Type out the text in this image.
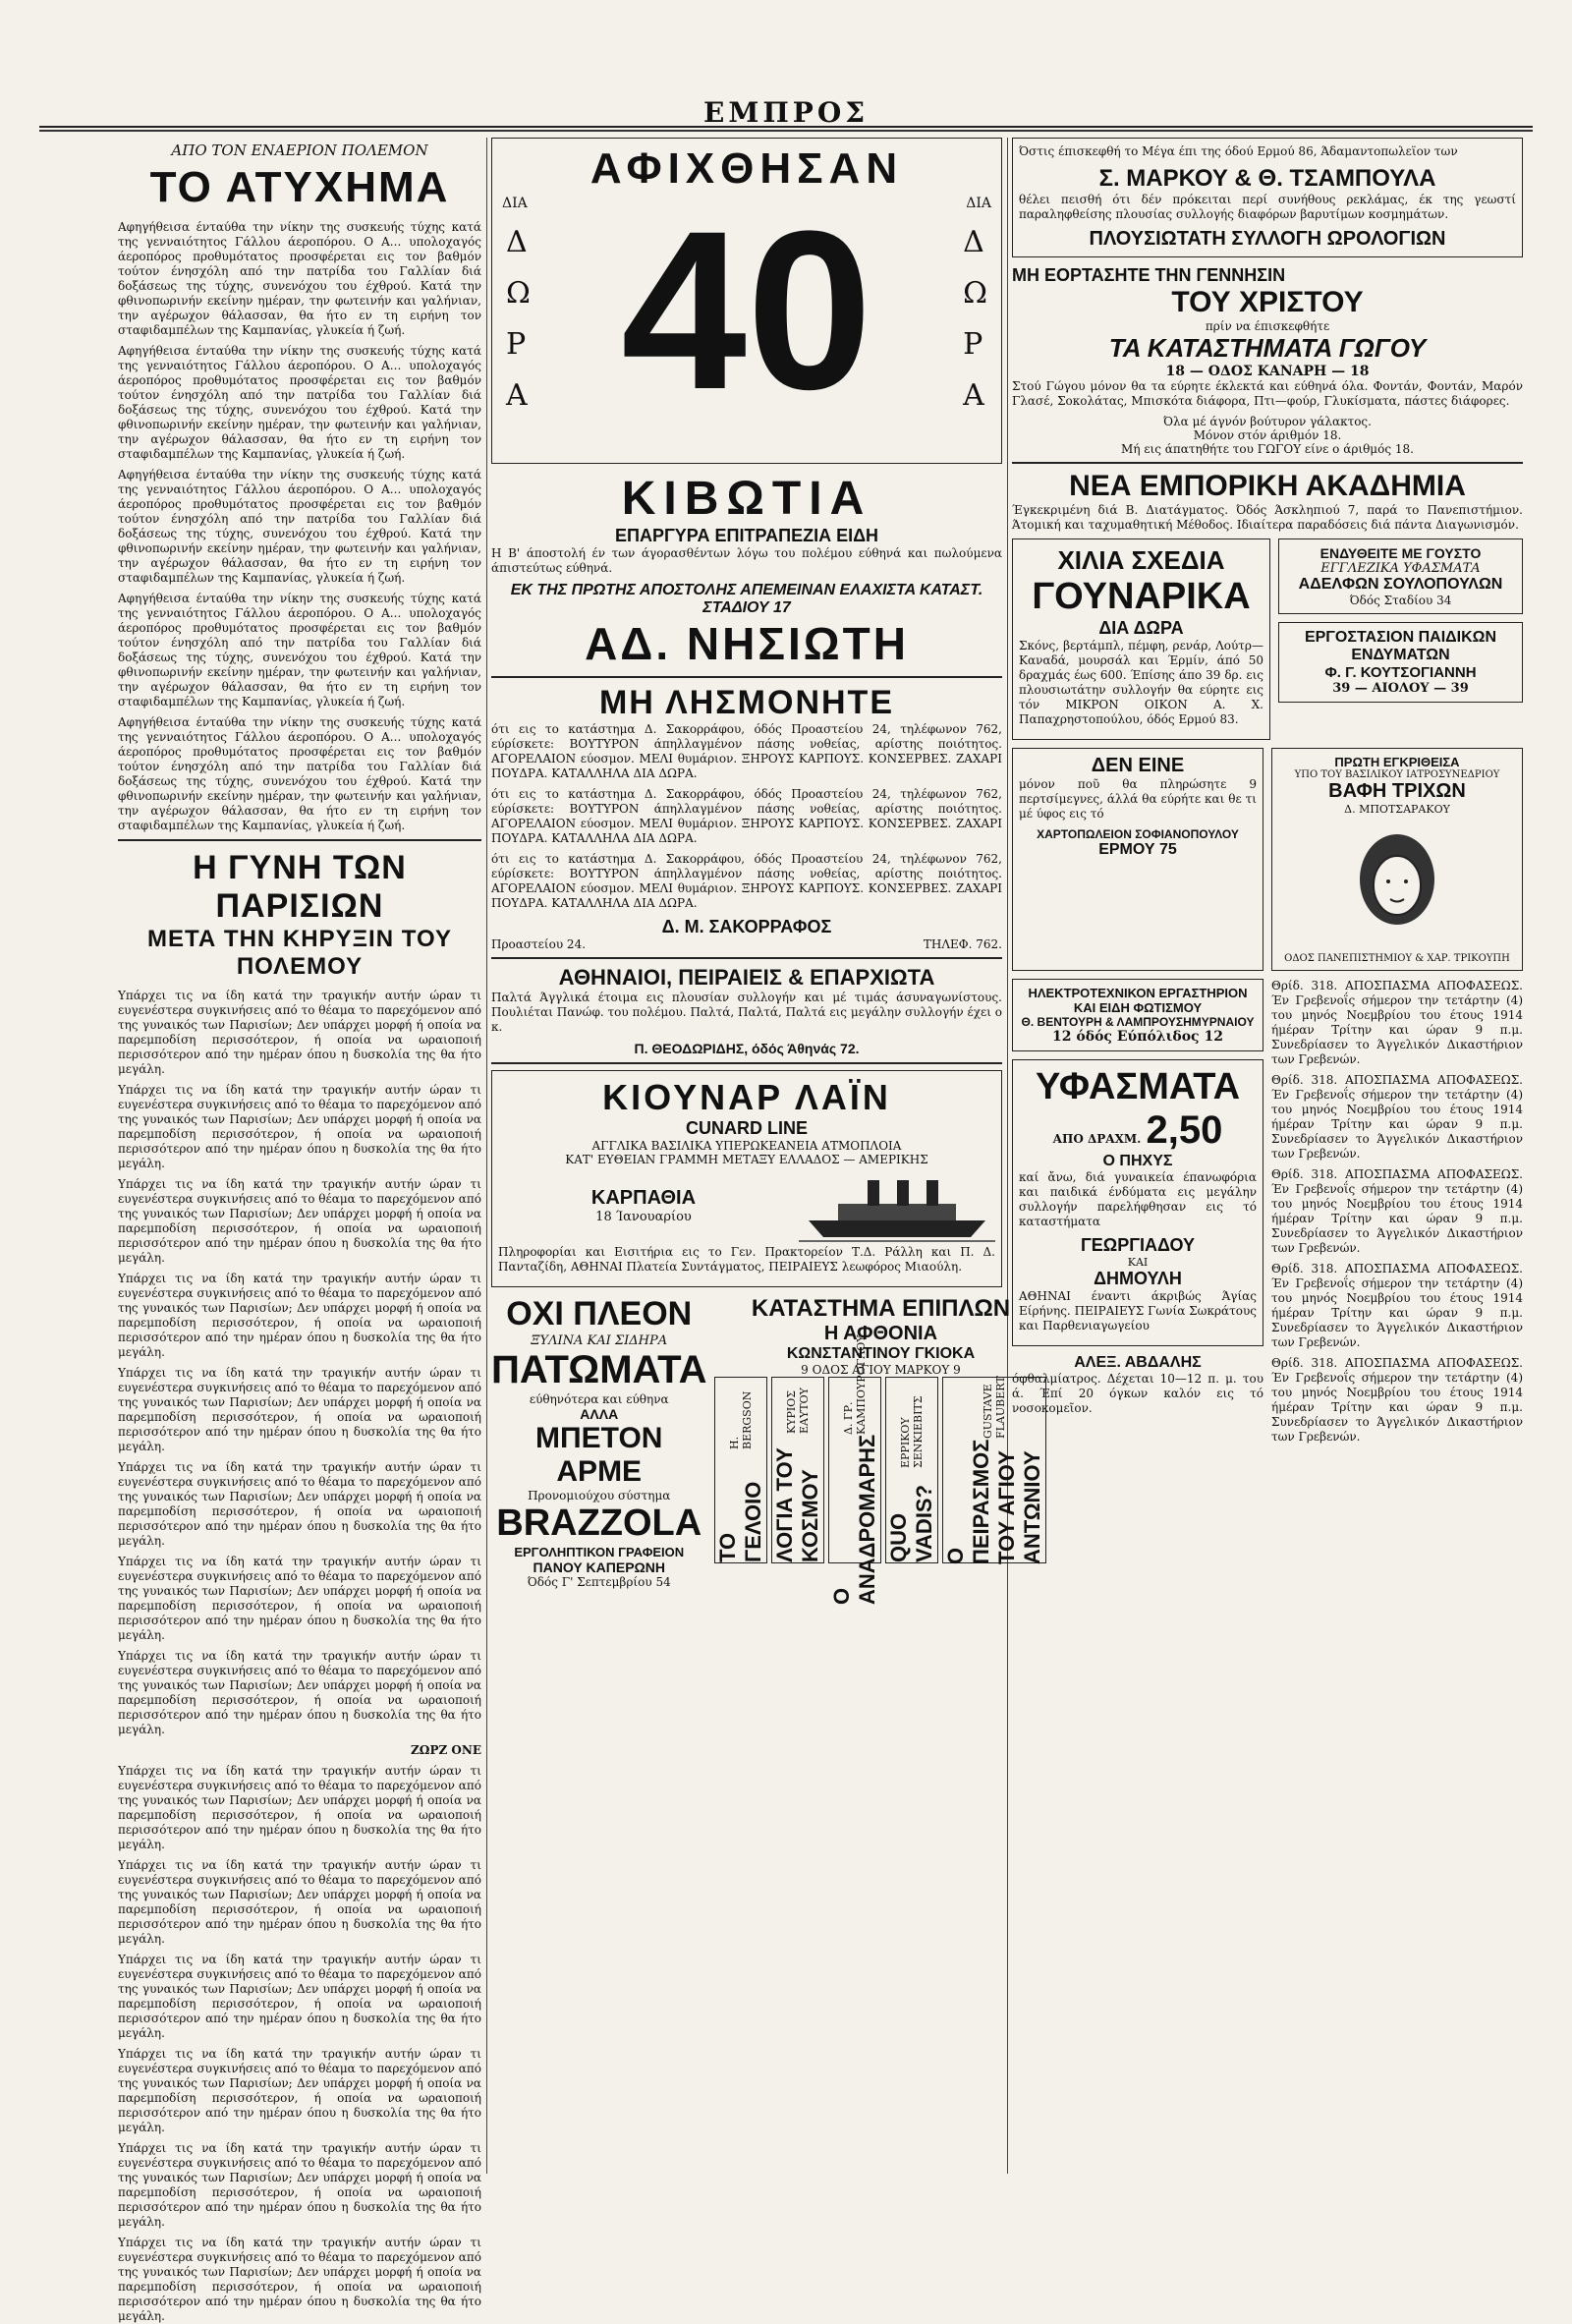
ΕΜΠΡΟΣ
ΑΠΟ ΤΟΝ ΕΝΑΕΡΙΟΝ ΠΟΛΕΜΟΝ
ΤΟ ΑΤΥΧΗΜΑ

Αφηγήθεισα ένταύθα την νίκην της συσκευής τύχης κατά της γενναιότητος Γάλλου άεροπόρου. Ο Α... υπολοχαγός άεροπόρος προθυμότατος προσφέρεται εις τον βαθμόν τούτον ένησχόλη από την πατρίδα του Γαλλίαν διά δοξάσεως της τύχης, συνενόχου του έχθρού. Κατά την φθινοπωρινήν εκείνην ημέραν, την φωτεινήν και γαλήνιαν, την αγέρωχον θάλασσαν, θα ήτο εν τη ειρήνη τον σταφιδαμπέλων της Καμπανίας, γλυκεία ή ζωή.

Αφηγήθεισα ένταύθα την νίκην της συσκευής τύχης κατά της γενναιότητος Γάλλου άεροπόρου. Ο Α... υπολοχαγός άεροπόρος προθυμότατος προσφέρεται εις τον βαθμόν τούτον ένησχόλη από την πατρίδα του Γαλλίαν διά δοξάσεως της τύχης, συνενόχου του έχθρού. Κατά την φθινοπωρινήν εκείνην ημέραν, την φωτεινήν και γαλήνιαν, την αγέρωχον θάλασσαν, θα ήτο εν τη ειρήνη τον σταφιδαμπέλων της Καμπανίας, γλυκεία ή ζωή.

Αφηγήθεισα ένταύθα την νίκην της συσκευής τύχης κατά της γενναιότητος Γάλλου άεροπόρου. Ο Α... υπολοχαγός άεροπόρος προθυμότατος προσφέρεται εις τον βαθμόν τούτον ένησχόλη από την πατρίδα του Γαλλίαν διά δοξάσεως της τύχης, συνενόχου του έχθρού. Κατά την φθινοπωρινήν εκείνην ημέραν, την φωτεινήν και γαλήνιαν, την αγέρωχον θάλασσαν, θα ήτο εν τη ειρήνη τον σταφιδαμπέλων της Καμπανίας, γλυκεία ή ζωή.

Αφηγήθεισα ένταύθα την νίκην της συσκευής τύχης κατά της γενναιότητος Γάλλου άεροπόρου. Ο Α... υπολοχαγός άεροπόρος προθυμότατος προσφέρεται εις τον βαθμόν τούτον ένησχόλη από την πατρίδα του Γαλλίαν διά δοξάσεως της τύχης, συνενόχου του έχθρού. Κατά την φθινοπωρινήν εκείνην ημέραν, την φωτεινήν και γαλήνιαν, την αγέρωχον θάλασσαν, θα ήτο εν τη ειρήνη τον σταφιδαμπέλων της Καμπανίας, γλυκεία ή ζωή.

Αφηγήθεισα ένταύθα την νίκην της συσκευής τύχης κατά της γενναιότητος Γάλλου άεροπόρου. Ο Α... υπολοχαγός άεροπόρος προθυμότατος προσφέρεται εις τον βαθμόν τούτον ένησχόλη από την πατρίδα του Γαλλίαν διά δοξάσεως της τύχης, συνενόχου του έχθρού. Κατά την φθινοπωρινήν εκείνην ημέραν, την φωτεινήν και γαλήνιαν, την αγέρωχον θάλασσαν, θα ήτο εν τη ειρήνη τον σταφιδαμπέλων της Καμπανίας, γλυκεία ή ζωή.

Η ΓΥΝΗ ΤΩΝ ΠΑΡΙΣΙΩΝ
ΜΕΤΑ ΤΗΝ ΚΗΡΥΞΙΝ ΤΟΥ ΠΟΛΕΜΟΥ

Υπάρχει τις να ίδη κατά την τραγικήν αυτήν ώραν τι ευγενέστερα συγκινήσεις από το θέαμα το παρεχόμενον από της γυναικός των Παρισίων; Δεν υπάρχει μορφή ή οποία να παρεμποδίση περισσότερον, ή οποία να ωραιοποιή περισσότερον από την ημέραν όπου η δυσκολία της θα ήτο μεγάλη.

Υπάρχει τις να ίδη κατά την τραγικήν αυτήν ώραν τι ευγενέστερα συγκινήσεις από το θέαμα το παρεχόμενον από της γυναικός των Παρισίων; Δεν υπάρχει μορφή ή οποία να παρεμποδίση περισσότερον, ή οποία να ωραιοποιή περισσότερον από την ημέραν όπου η δυσκολία της θα ήτο μεγάλη.

Υπάρχει τις να ίδη κατά την τραγικήν αυτήν ώραν τι ευγενέστερα συγκινήσεις από το θέαμα το παρεχόμενον από της γυναικός των Παρισίων; Δεν υπάρχει μορφή ή οποία να παρεμποδίση περισσότερον, ή οποία να ωραιοποιή περισσότερον από την ημέραν όπου η δυσκολία της θα ήτο μεγάλη.

Υπάρχει τις να ίδη κατά την τραγικήν αυτήν ώραν τι ευγενέστερα συγκινήσεις από το θέαμα το παρεχόμενον από της γυναικός των Παρισίων; Δεν υπάρχει μορφή ή οποία να παρεμποδίση περισσότερον, ή οποία να ωραιοποιή περισσότερον από την ημέραν όπου η δυσκολία της θα ήτο μεγάλη.

Υπάρχει τις να ίδη κατά την τραγικήν αυτήν ώραν τι ευγενέστερα συγκινήσεις από το θέαμα το παρεχόμενον από της γυναικός των Παρισίων; Δεν υπάρχει μορφή ή οποία να παρεμποδίση περισσότερον, ή οποία να ωραιοποιή περισσότερον από την ημέραν όπου η δυσκολία της θα ήτο μεγάλη.

Υπάρχει τις να ίδη κατά την τραγικήν αυτήν ώραν τι ευγενέστερα συγκινήσεις από το θέαμα το παρεχόμενον από της γυναικός των Παρισίων; Δεν υπάρχει μορφή ή οποία να παρεμποδίση περισσότερον, ή οποία να ωραιοποιή περισσότερον από την ημέραν όπου η δυσκολία της θα ήτο μεγάλη.

Υπάρχει τις να ίδη κατά την τραγικήν αυτήν ώραν τι ευγενέστερα συγκινήσεις από το θέαμα το παρεχόμενον από της γυναικός των Παρισίων; Δεν υπάρχει μορφή ή οποία να παρεμποδίση περισσότερον, ή οποία να ωραιοποιή περισσότερον από την ημέραν όπου η δυσκολία της θα ήτο μεγάλη.

Υπάρχει τις να ίδη κατά την τραγικήν αυτήν ώραν τι ευγενέστερα συγκινήσεις από το θέαμα το παρεχόμενον από της γυναικός των Παρισίων; Δεν υπάρχει μορφή ή οποία να παρεμποδίση περισσότερον, ή οποία να ωραιοποιή περισσότερον από την ημέραν όπου η δυσκολία της θα ήτο μεγάλη.

ΖΩΡΖ ΟΝΕ

Υπάρχει τις να ίδη κατά την τραγικήν αυτήν ώραν τι ευγενέστερα συγκινήσεις από το θέαμα το παρεχόμενον από της γυναικός των Παρισίων; Δεν υπάρχει μορφή ή οποία να παρεμποδίση περισσότερον, ή οποία να ωραιοποιή περισσότερον από την ημέραν όπου η δυσκολία της θα ήτο μεγάλη.

Υπάρχει τις να ίδη κατά την τραγικήν αυτήν ώραν τι ευγενέστερα συγκινήσεις από το θέαμα το παρεχόμενον από της γυναικός των Παρισίων; Δεν υπάρχει μορφή ή οποία να παρεμποδίση περισσότερον, ή οποία να ωραιοποιή περισσότερον από την ημέραν όπου η δυσκολία της θα ήτο μεγάλη.

Υπάρχει τις να ίδη κατά την τραγικήν αυτήν ώραν τι ευγενέστερα συγκινήσεις από το θέαμα το παρεχόμενον από της γυναικός των Παρισίων; Δεν υπάρχει μορφή ή οποία να παρεμποδίση περισσότερον, ή οποία να ωραιοποιή περισσότερον από την ημέραν όπου η δυσκολία της θα ήτο μεγάλη.

Υπάρχει τις να ίδη κατά την τραγικήν αυτήν ώραν τι ευγενέστερα συγκινήσεις από το θέαμα το παρεχόμενον από της γυναικός των Παρισίων; Δεν υπάρχει μορφή ή οποία να παρεμποδίση περισσότερον, ή οποία να ωραιοποιή περισσότερον από την ημέραν όπου η δυσκολία της θα ήτο μεγάλη.

Υπάρχει τις να ίδη κατά την τραγικήν αυτήν ώραν τι ευγενέστερα συγκινήσεις από το θέαμα το παρεχόμενον από της γυναικός των Παρισίων; Δεν υπάρχει μορφή ή οποία να παρεμποδίση περισσότερον, ή οποία να ωραιοποιή περισσότερον από την ημέραν όπου η δυσκολία της θα ήτο μεγάλη.

Υπάρχει τις να ίδη κατά την τραγικήν αυτήν ώραν τι ευγενέστερα συγκινήσεις από το θέαμα το παρεχόμενον από της γυναικός των Παρισίων; Δεν υπάρχει μορφή ή οποία να παρεμποδίση περισσότερον, ή οποία να ωραιοποιή περισσότερον από την ημέραν όπου η δυσκολία της θα ήτο μεγάλη.

ΑΦΙΧΘΗΣΑΝ
ΔΙΑ	ΔΙΑ
Δ
Ω
Ρ
Α
Δ
Ω
Ρ
Α
40
ΚΙΒΩΤΙΑ
ΕΠΑΡΓΥΡΑ ΕΠΙΤΡΑΠΕΖΙΑ ΕΙΔΗ

Η Β' άποστολή έν των άγορασθέντων λόγω του πολέμου εύθηνά και πωλούμενα άπιστεύτως εύθηνά.

ΕΚ ΤΗΣ ΠΡΩΤΗΣ ΑΠΟΣΤΟΛΗΣ ΑΠΕΜΕΙΝΑΝ ΕΛΑΧΙΣΤΑ ΚΑΤΑΣΤ. ΣΤΑΔΙΟΥ 17
ΑΔ. ΝΗΣΙΩΤΗ
ΜΗ ΛΗΣΜΟΝΗΤΕ

ότι εις το κατάστημα Δ. Σακορράφου, όδός Προαστείου 24, τηλέφωνον 762, εύρίσκετε: ΒΟΥΤΥΡΟΝ άπηλλαγμένον πάσης νοθείας, αρίστης ποιότητος. ΑΓΟΡΕΛΑΙΟΝ εύοσμον. ΜΕΛΙ θυμάριον. ΞΗΡΟΥΣ ΚΑΡΠΟΥΣ. ΚΟΝΣΕΡΒΕΣ. ΖΑΧΑΡΙ ΠΟΥΔΡΑ. ΚΑΤΑΛΛΗΛΑ ΔΙΑ ΔΩΡΑ.

ότι εις το κατάστημα Δ. Σακορράφου, όδός Προαστείου 24, τηλέφωνον 762, εύρίσκετε: ΒΟΥΤΥΡΟΝ άπηλλαγμένον πάσης νοθείας, αρίστης ποιότητος. ΑΓΟΡΕΛΑΙΟΝ εύοσμον. ΜΕΛΙ θυμάριον. ΞΗΡΟΥΣ ΚΑΡΠΟΥΣ. ΚΟΝΣΕΡΒΕΣ. ΖΑΧΑΡΙ ΠΟΥΔΡΑ. ΚΑΤΑΛΛΗΛΑ ΔΙΑ ΔΩΡΑ.

ότι εις το κατάστημα Δ. Σακορράφου, όδός Προαστείου 24, τηλέφωνον 762, εύρίσκετε: ΒΟΥΤΥΡΟΝ άπηλλαγμένον πάσης νοθείας, αρίστης ποιότητος. ΑΓΟΡΕΛΑΙΟΝ εύοσμον. ΜΕΛΙ θυμάριον. ΞΗΡΟΥΣ ΚΑΡΠΟΥΣ. ΚΟΝΣΕΡΒΕΣ. ΖΑΧΑΡΙ ΠΟΥΔΡΑ. ΚΑΤΑΛΛΗΛΑ ΔΙΑ ΔΩΡΑ.

Δ. Μ. ΣΑΚΟΡΡΑΦΟΣ
Προαστείου 24.	ΤΗΛΕΦ. 762.
ΑΘΗΝΑΙΟΙ, ΠΕΙΡΑΙΕΙΣ & ΕΠΑΡΧΙΩΤΑ

Παλτά Άγγλικά έτοιμα εις πλουσίαν συλλογήν και μέ τιμάς άσυναγωνίστους. Πουλιέται Πανώφ. του πολέμου. Παλτά, Παλτά, Παλτά εις μεγάλην συλλογήν έχει ο κ.

Π. ΘΕΟΔΩΡΙΔΗΣ, όδός Άθηνάς 72.
ΚΙΟΥΝΑΡ ΛΑΪΝ
CUNARD LINE
ΑΓΓΛΙΚΑ ΒΑΣΙΛΙΚΑ ΥΠΕΡΩΚΕΑΝΕΙΑ ΑΤΜΟΠΛΟΙΑ
ΚΑΤ' ΕΥΘΕΙΑΝ ΓΡΑΜΜΗ ΜΕΤΑΞΥ ΕΛΛΑΔΟΣ — ΑΜΕΡΙΚΗΣ
ΚΑΡΠΑΘΙΑ
18 Ίανουαρίου

Πληροφορίαι και Εισιτήρια εις το Γεν. Πρακτορείον Τ.Δ. Ράλλη και Π. Δ. Πανταζίδη, ΑΘΗΝΑΙ Πλατεία Συντάγματος, ΠΕΙΡΑΙΕΥΣ λεωφόρος Μιαούλη.

ΟΧΙ ΠΛΕΟΝ
ΞΥΛΙΝΑ ΚΑΙ ΣΙΔΗΡΑ
ΠΑΤΩΜΑΤΑ
εύθηνότερα και εύθηνα
ΑΛΛΑ
ΜΠΕΤΟΝ ΑΡΜΕ
Προνομιούχου σύστημα
BRAZZOLA
ΕΡΓΟΛΗΠΤΙΚΟΝ ΓΡΑΦΕΙΟΝ
ΠΑΝΟΥ ΚΑΠΕΡΩΝΗ
Όδός Γ' Σεπτεμβρίου 54
ΚΑΤΑΣΤΗΜΑ ΕΠΙΠΛΩΝ
Η ΑΦΘΟΝΙΑ
ΚΩΝΣΤΑΝΤΙΝΟΥ ΓΚΙΟΚΑ
9 ΟΔΟΣ ΑΓΙΟΥ ΜΑΡΚΟΥ 9
ΤΟ ΓΕΛΟΙΟ
Η. BERGSON
ΛΟΓΙΑ ΤΟΥ ΚΟΣΜΟΥ
ΚΥΡΙΟΣ ΕΑΥΤΟΥ
Ο ΑΝΑΔΡΟΜΑΡΗΣ
Δ. ΓΡ. ΚΑΜΠΟΥΡΟΓΛΟΥ
QUO VADIS?
ΕΡΡΙΚΟΥ ΣΕΝΚΙΕΒΙΤΣ
Ο ΠΕΙΡΑΣΜΟΣ ΤΟΥ ΑΓΙΟΥ ΑΝΤΩΝΙΟΥ
GUSTAVE FLAUBERT

Όστις έπισκεφθή το Μέγα έπι της όδού Ερμού 86, Άδαμαντοπωλεϊον των

Σ. ΜΑΡΚΟΥ & Θ. ΤΣΑΜΠΟΥΛΑ

θέλει πεισθή ότι δέν πρόκειται περί συνήθους ρεκλάμας, έκ της γεωστί παραληφθείσης πλουσίας συλλογής διαφόρων βαρυτίμων κοσμημάτων.

ΠΛΟΥΣΙΩΤΑΤΗ ΣΥΛΛΟΓΗ ΩΡΟΛΟΓΙΩΝ
ΜΗ ΕΟΡΤΑΣΗΤΕ ΤΗΝ ΓΕΝΝΗΣΙΝ
ΤΟΥ ΧΡΙΣΤΟΥ
πρίν να έπισκεφθήτε
ΤΑ ΚΑΤΑΣΤΗΜΑΤΑ ΓΩΓΟΥ
18 — ΟΔΟΣ ΚΑΝΑΡΗ — 18

Στού Γώγου μόνον θα τα εύρητε έκλεκτά και εύθηνά όλα. Φοντάν, Φοντάν, Μαρόν Γλασέ, Σοκολάτας, Μπισκότα διάφορα, Πτι—φούρ, Γλυκίσματα, πάστες διάφορες.

Όλα μέ άγνόν βούτυρον γάλακτος.
Μόνον στόν άριθμόν 18.
Μή εις άπατηθήτε του ΓΩΓΟΥ είνε ο άριθμός 18.
ΝΕΑ ΕΜΠΟΡΙΚΗ ΑΚΑΔΗΜΙΑ

Έγκεκριμένη διά Β. Διατάγματος. Όδός Άσκληπιού 7, παρά το Πανεπιστήμιον. Άτομική και ταχυμαθητική Μέθοδος. Ιδιαίτερα παραδόσεις διά πάντα Διαγωνισμόν.

ΧΙΛΙΑ ΣΧΕΔΙΑ
ΓΟΥΝΑΡΙΚΑ
ΔΙΑ ΔΩΡΑ

Σκόνς, βερτάμπλ, πέμφη, ρενάρ, Λούτρ—Καναδά, μουρσάλ και Έρμίν, άπό 50 δραχμάς έως 600. Έπίσης άπο 39 δρ. εις πλουσιωτάτην συλλογήν θα εύρητε εις τόν ΜΙΚΡΟΝ ΟΙΚΟΝ Α. Χ. Παπαχρηστοπούλου, όδός Ερμού 83.

ΕΝΔΥΘΕΙΤΕ ΜΕ ΓΟΥΣΤΟ
ΕΓΓΛΕΖΙΚΑ ΥΦΑΣΜΑΤΑ
ΑΔΕΛΦΩΝ ΣΟΥΛΟΠΟΥΛΩΝ
Όδός Σταδίου 34
ΕΡΓΟΣΤΑΣΙΟΝ ΠΑΙΔΙΚΩΝ ΕΝΔΥΜΑΤΩΝ
Φ. Γ. ΚΟΥΤΣΟΓΙΑΝΝΗ
39 — ΑΙΟΛΟΥ — 39
ΔΕΝ ΕΙΝΕ

μόνον ποῦ θα πληρώσητε 9 περτσίμεγνες, άλλά θα εύρήτε και θε τι μέ ύφος εις τό

ΧΑΡΤΟΠΩΛΕΙΟΝ ΣΟΦΙΑΝΟΠΟΥΛΟΥ
ΕΡΜΟΥ 75
ΠΡΩΤΗ ΕΓΚΡΙΘΕΙΣΑ
ΥΠΟ ΤΟΥ ΒΑΣΙΛΙΚΟΥ ΙΑΤΡΟΣΥΝΕΔΡΙΟΥ
ΒΑΦΗ ΤΡΙΧΩΝ
Δ. ΜΠΟΤΣΑΡΑΚΟΥ
ΟΔΟΣ ΠΑΝΕΠΙΣΤΗΜΙΟΥ & ΧΑΡ. ΤΡΙΚΟΥΠΗ
ΗΛΕΚΤΡΟΤΕΧΝΙΚΟΝ ΕΡΓΑΣΤΗΡΙΟΝ ΚΑΙ ΕΙΔΗ ΦΩΤΙΣΜΟΥ
Θ. ΒΕΝΤΟΥΡΗ & ΛΑΜΠΡΟΥΣΗΜΥΡΝΑΙΟΥ
12 όδός Εύπόλιδος 12
ΥΦΑΣΜΑΤΑ
ΑΠΟ ΔΡΑΧΜ. 2,50
Ο ΠΗΧΥΣ

καί ἄνω, διά γυναικεία έπανωφόρια και παιδικά ένδύματα εις μεγάλην συλλογήν παρελήφθησαν εις τό καταστήματα

ΓΕΩΡΓΙΑΔΟΥ
ΚΑΙ
ΔΗΜΟΥΛΗ

ΑΘΗΝΑΙ έναντι άκριβώς Άγίας Είρήνης. ΠΕΙΡΑΙΕΥΣ Γωνία Σωκράτους και Παρθενιαγωγείου

ΑΛΕΞ. ΑΒΔΑΛΗΣ

όφθαλμίατρος. Δέχεται 10—12 π. μ. του ά. Έπί 20 όγκων καλόν εις τό νοσοκομεῖον.

Θρίδ. 318. ΑΠΟΣΠΑΣΜΑ ΑΠΟΦΑΣΕΩΣ. Έν Γρεβενοΐς σήμερον την τετάρτην (4) του μηνός Νοεμβρίου του έτους 1914 ήμέραν Τρίτην και ώραν 9 π.μ. Συνεδρίασεν το Άγγελικόν Δικαστήριον των Γρεβενών.

Θρίδ. 318. ΑΠΟΣΠΑΣΜΑ ΑΠΟΦΑΣΕΩΣ. Έν Γρεβενοΐς σήμερον την τετάρτην (4) του μηνός Νοεμβρίου του έτους 1914 ήμέραν Τρίτην και ώραν 9 π.μ. Συνεδρίασεν το Άγγελικόν Δικαστήριον των Γρεβενών.

Θρίδ. 318. ΑΠΟΣΠΑΣΜΑ ΑΠΟΦΑΣΕΩΣ. Έν Γρεβενοΐς σήμερον την τετάρτην (4) του μηνός Νοεμβρίου του έτους 1914 ήμέραν Τρίτην και ώραν 9 π.μ. Συνεδρίασεν το Άγγελικόν Δικαστήριον των Γρεβενών.

Θρίδ. 318. ΑΠΟΣΠΑΣΜΑ ΑΠΟΦΑΣΕΩΣ. Έν Γρεβενοΐς σήμερον την τετάρτην (4) του μηνός Νοεμβρίου του έτους 1914 ήμέραν Τρίτην και ώραν 9 π.μ. Συνεδρίασεν το Άγγελικόν Δικαστήριον των Γρεβενών.

Θρίδ. 318. ΑΠΟΣΠΑΣΜΑ ΑΠΟΦΑΣΕΩΣ. Έν Γρεβενοΐς σήμερον την τετάρτην (4) του μηνός Νοεμβρίου του έτους 1914 ήμέραν Τρίτην και ώραν 9 π.μ. Συνεδρίασεν το Άγγελικόν Δικαστήριον των Γρεβενών.
